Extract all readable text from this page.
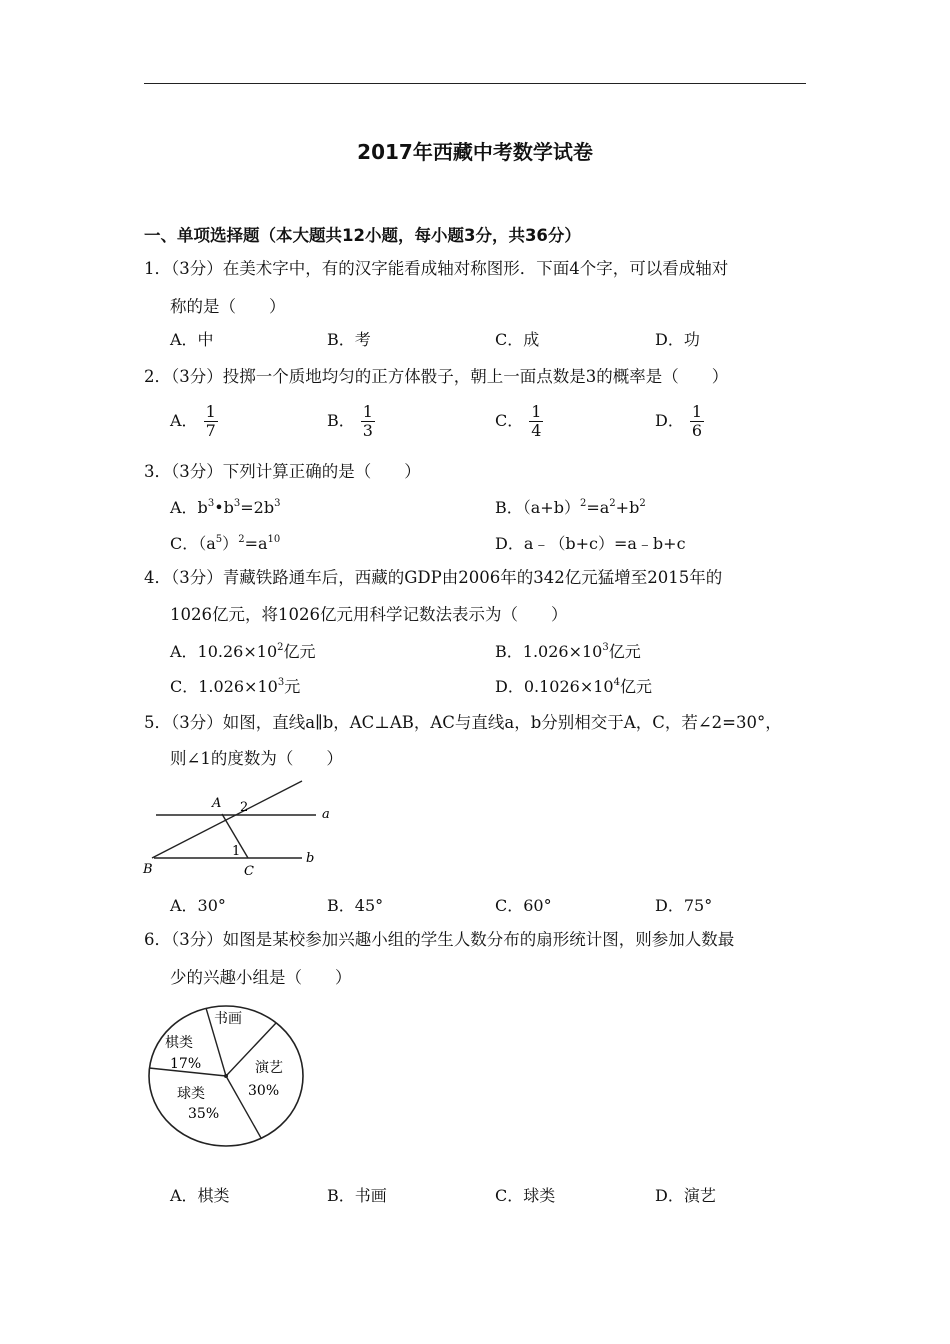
2017年西藏中考数学试卷
一、单项选择题（本大题共12小题，每小题3分，共36分）
1．（3分）在美术字中，有的汉字能看成轴对称图形．下面4个字，可以看成轴对
称的是（　　）
A．中	B．考	C．成	D．功
2．（3分）投掷一个质地均匀的正方体骰子，朝上一面点数是3的概率是（　　）
A． $\frac{1}{7}$	B． $\frac{1}{3}$	C． $\frac{1}{4}$	D． $\frac{1}{6}$
3．（3分）下列计算正确的是（　　）
A．$b^3•b^3=2b^3$	B．$(a+b)^2=a^2+b^2$
C．$(a^5)^2=a^{10}$	D．a﹣（b+c）=a﹣b+c
4．（3分）青藏铁路通车后，西藏的GDP由2006年的342亿元猛增至2015年的
1026亿元，将1026亿元用科学记数法表示为（　　）
A．$10.26\times 10^2$亿元	B．$1.026\times 10^3$亿元
C．$1.026\times 10^3$元	D．$0.1026\times 10^4$亿元
5．（3分）如图，直线a∥b，AC⊥AB，AC与直线a，b分别相交于A，C，若∠2=30°，
则∠1的度数为（　　）
A 2	a
b
1
B	C
A．30°	B．45°	C．60°	D．75°
6．（3分）如图是某校参加兴趣小组的学生人数分布的扇形统计图，则参加人数最
少的兴趣小组是（　　）
书画
棋类
17%	演艺
30%
球类
35%
A．棋类	B．书画	C．球类	D．演艺
